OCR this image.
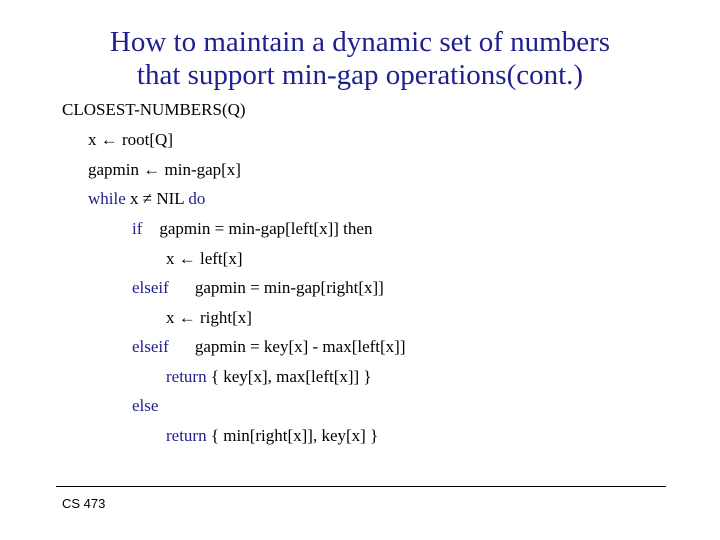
How to maintain a dynamic set of numbers
that support min-gap operations(cont.)
CLOSEST-NUMBERS(Q)
x ← root[Q]
gapmin ← min-gap[x]
while x ≠ NIL do
if gapmin = min-gap[left[x]] then
x ← left[x]
elseif gapmin = min-gap[right[x]]
x ← right[x]
elseif gapmin = key[x] - max[left[x]]
return { key[x], max[left[x]] }
else
return { min[right[x]], key[x] }
CS 473
